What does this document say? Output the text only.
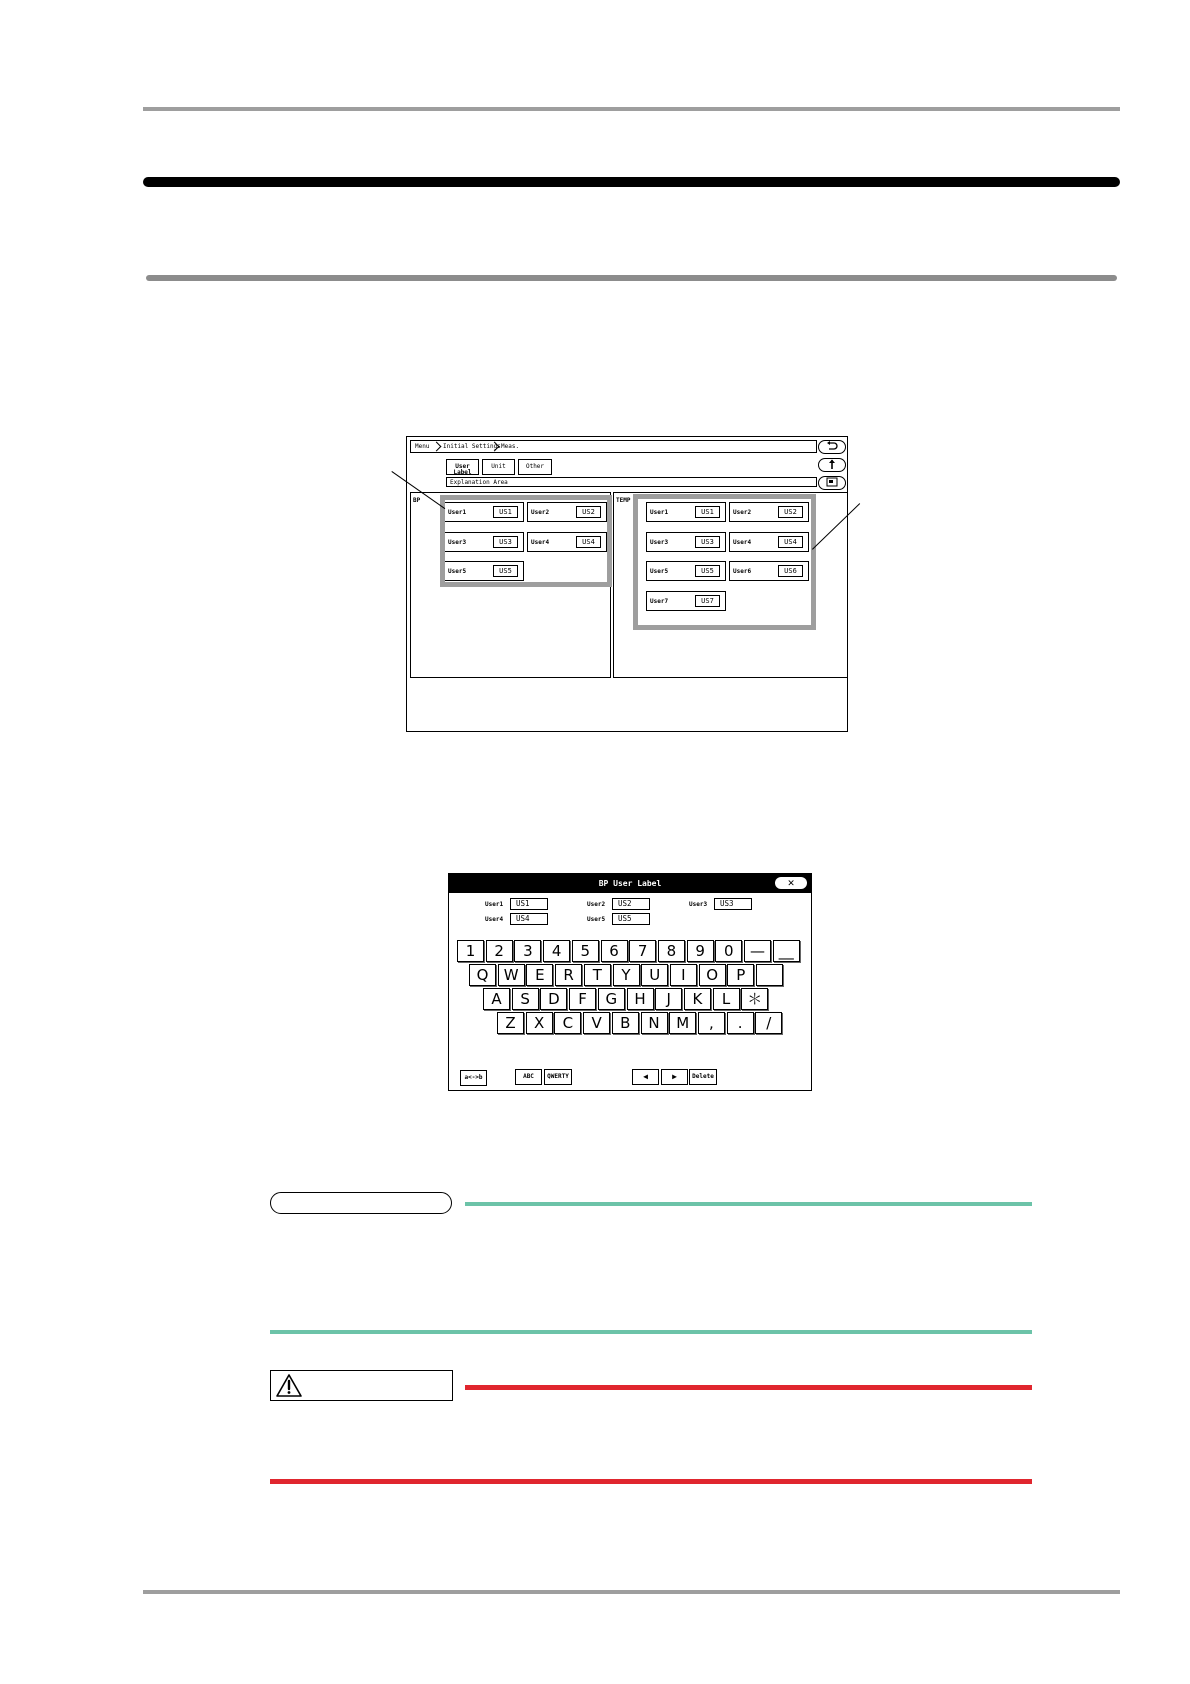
Menu Initial Settings Meas.
User Label
Unit	Other
Explanation Area
BP
User1	US1	User2	US2
User3	US3	User4	US4
User5	US5
TEMP
User1	US1	User2	US2
User3	US3	User4	US4
User5	US5	User6	US6
User7	US7
BP User Label	✕
User1	US1	User2	US2	User3	US3
User4	US4	User5	US5
1	2	3	4	5	6	7	8	9	0	— __
Q	W	E	R	T	Y	U	I	O	P
A	S	D	F	G	H	J	K	L	＊
Z	X	C	V	B	N	M	,	.	/
a<->b	ABC	QWERTY	◀	▶	Delete
